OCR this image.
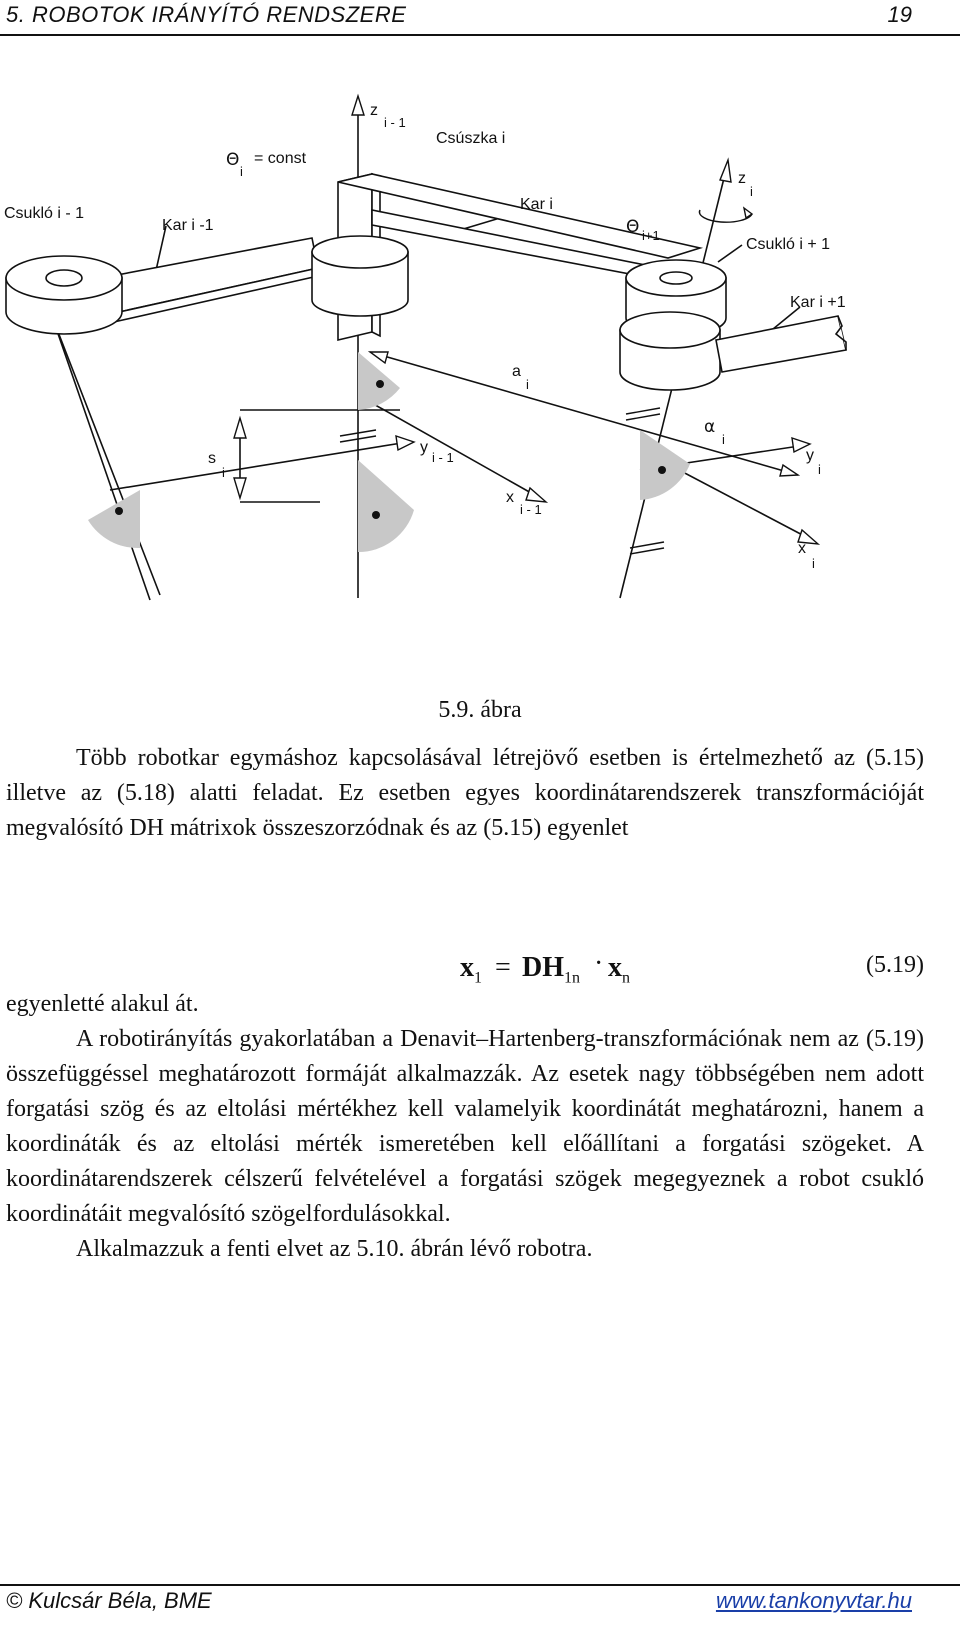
5. ROBOTOK IRÁNYÍTÓ RENDSZERE	19
Csukló i - 1
Kar i -1
Θ
i
= const
z
i - 1
Csúszka i
Kar i
Θ i+1
z
i
Csukló i + 1
Kar i +1
a
i
α
i
s
i
y
i - 1	y
i
x
i - 1
x
i
5.9. ábra

Több robotkar egymáshoz kapcsolásával létrejövő esetben is értelmezhető az (5.15) illetve az (5.18) alatti feladat. Ez esetben egyes koordinátarendszerek transzformációját megvalósító DH mátrixok összeszorzódnak és az (5.15) egyenlet

$x_1 = DH_{1n} \cdot x_n$
(5.19)

egyenletté alakul át.

A robotirányítás gyakorlatában a Denavit–Hartenberg-transzformációnak nem az (5.19) összefüggéssel meghatározott formáját alkalmazzák. Az esetek nagy többségében nem adott forgatási szög és az eltolási mértékhez kell valamelyik koordinátát meghatározni, hanem a koordináták és az eltolási mérték ismeretében kell előállítani a forgatási szögeket. A koordinátarendszerek célszerű felvételével a forgatási szögek megegyeznek a robot csukló koordinátáit megvalósító szögelfordulásokkal.

Alkalmazzuk a fenti elvet az 5.10. ábrán lévő robotra.

© Kulcsár Béla, BME	www.tankonyvtar.hu
